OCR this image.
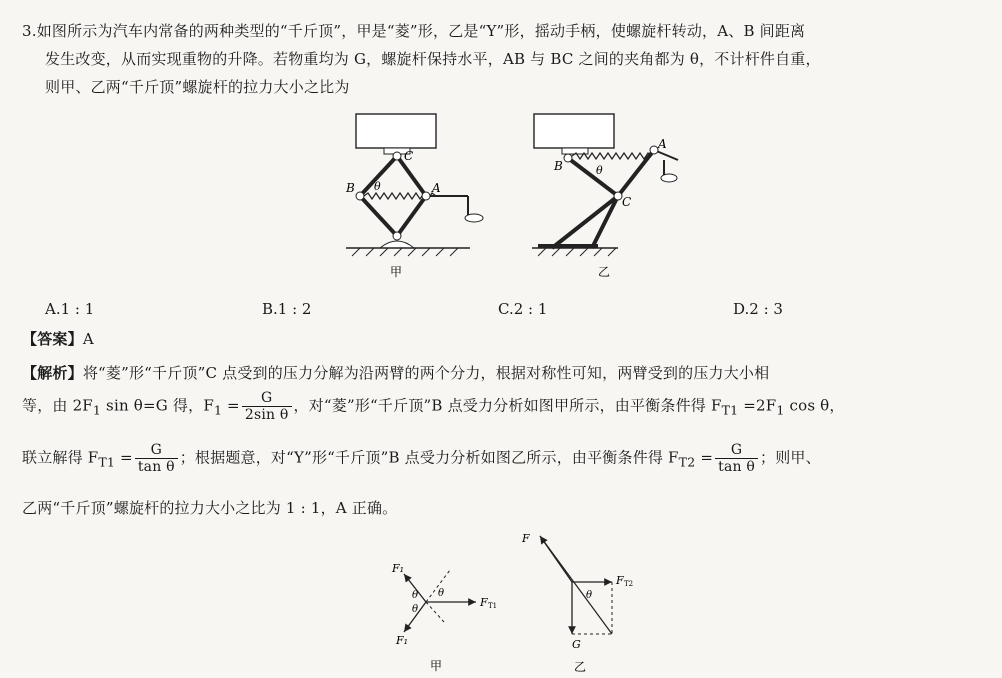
3.如图所示为汽车内常备的两种类型的“千斤顶”，甲是“菱”形，乙是“Y”形，摇动手柄，使螺旋杆转动，A、B 间距离
发生改变，从而实现重物的升降。若物重均为 G，螺旋杆保持水平，AB 与 BC 之间的夹角都为 θ，不计杆件自重，
则甲、乙两“千斤顶”螺旋杆的拉力大小之比为
C
B	A
θ
甲
A
B
C
θ
乙
A.1 : 1	B.1 : 2	C.2 : 1	D.2 : 3
【答案】A
【解析】将“菱”形“千斤顶”C 点受到的压力分解为沿两臂的两个分力，根据对称性可知，两臂受到的压力大小相
等，由 $2F_1$ sin θ=G 得，$F_1 = \frac{G}{\text{2sin θ}}$ ，对“菱”形“千斤顶”B 点受力分析如图甲所示，由平衡条件得 $F_{T1} =2F_1$ cos θ，
联立解得 $F_{T1} = \frac{G}{\text{tan θ}}$ ；根据题意，对“Y”形“千斤顶”B 点受力分析如图乙所示，由平衡条件得 $F_{T2} = \frac{G}{\text{tan θ}}$ ；则甲、
乙两“千斤顶”螺旋杆的拉力大小之比为 1 : 1，A 正确。
F₁
F₁
F T1
θ
θ
θ
甲
F
F T2
G
θ
乙
